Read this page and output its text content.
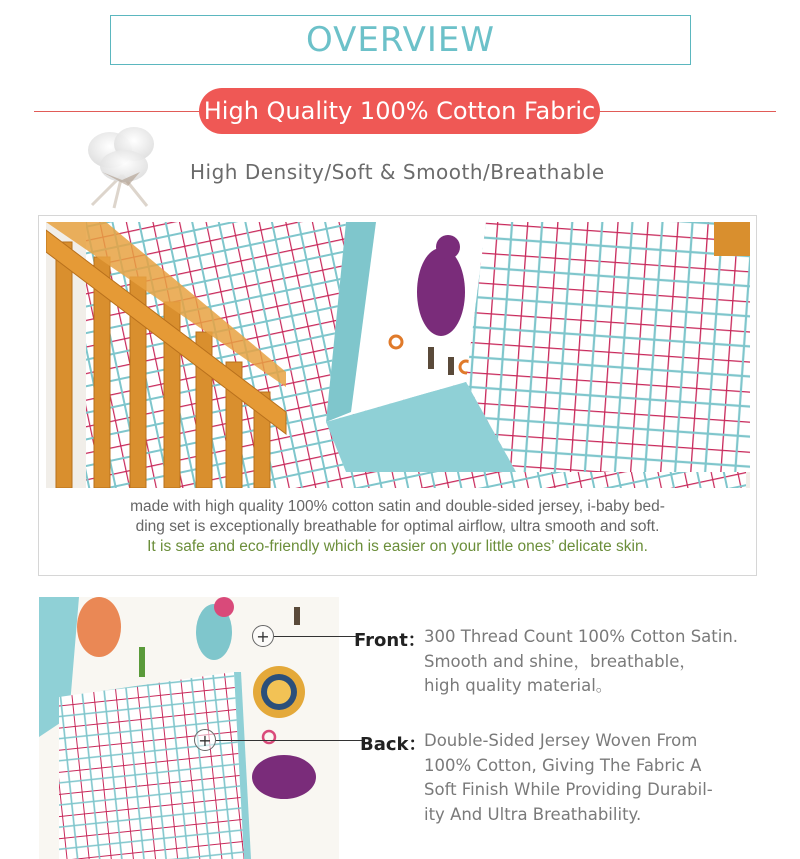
OVERVIEW
High Quality 100% Cotton Fabric
High Density/Soft & Smooth/Breathable
made with high quality 100% cotton satin and double-sided jersey, i-baby bed-
ding set is exceptionally breathable for optimal airflow, ultra smooth and soft.
It is safe and eco-friendly which is easier on your little ones’ delicate skin.
+	Front：
300 Thread Count 100% Cotton Satin.
Smooth and shine，breathable，
high quality material。
+	Back：
Double-Sided Jersey Woven From
100% Cotton, Giving The Fabric A
Soft Finish While Providing Durabil-
ity And Ultra Breathability.
